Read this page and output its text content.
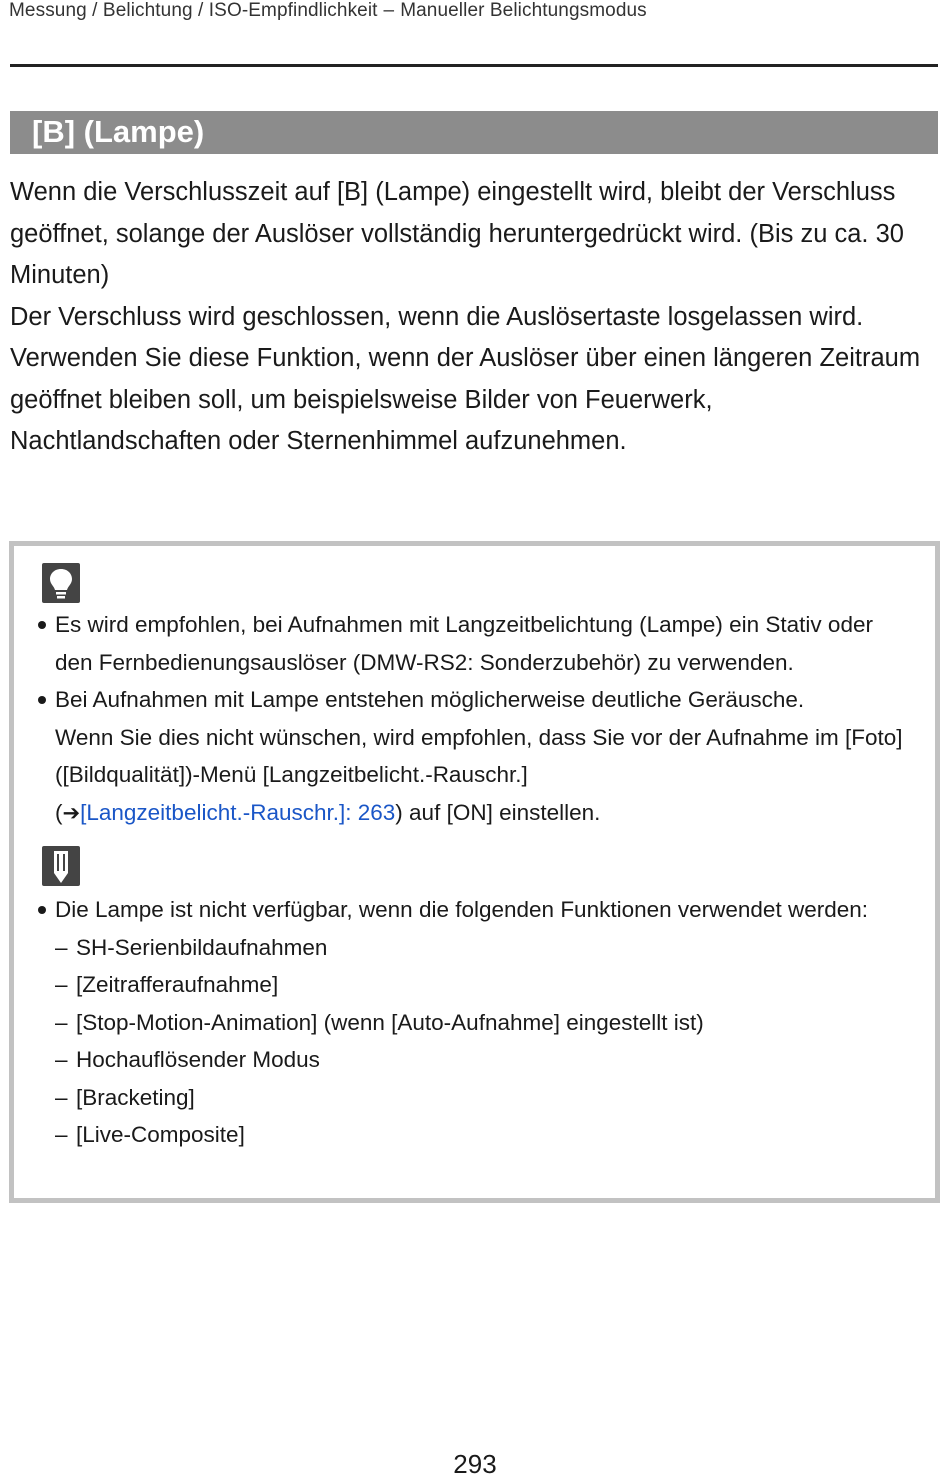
Messung / Belichtung / ISO-Empfindlichkeit – Manueller Belichtungsmodus
[B] (Lampe)

Wenn die Verschlusszeit auf [B] (Lampe) eingestellt wird, bleibt der Verschluss geöffnet, solange der Auslöser vollständig heruntergedrückt wird. (Bis zu ca. 30 Minuten)

Der Verschluss wird geschlossen, wenn die Auslösertaste losgelassen wird.

Verwenden Sie diese Funktion, wenn der Auslöser über einen längeren Zeitraum geöffnet bleiben soll, um beispielsweise Bilder von Feuerwerk, Nachtlandschaften oder Sternenhimmel aufzunehmen.

Es wird empfohlen, bei Aufnahmen mit Langzeitbelichtung (Lampe) ein Stativ oder den Fernbedienungsauslöser (DMW-RS2: Sonderzubehör) zu verwenden.
Bei Aufnahmen mit Lampe entstehen möglicherweise deutliche Geräusche.
Wenn Sie dies nicht wünschen, wird empfohlen, dass Sie vor der Aufnahme im [Foto] ([Bildqualität])-Menü [Langzeitbelicht.-Rauschr.]
(➔[Langzeitbelicht.-Rauschr.]: 263) auf [ON] einstellen.
Die Lampe ist nicht verfügbar, wenn die folgenden Funktionen verwendet werden:
– SH-Serienbildaufnahmen
– [Zeitrafferaufnahme]
– [Stop-Motion-Animation] (wenn [Auto-Aufnahme] eingestellt ist)
– Hochauflösender Modus
– [Bracketing]
– [Live-Composite]
293
